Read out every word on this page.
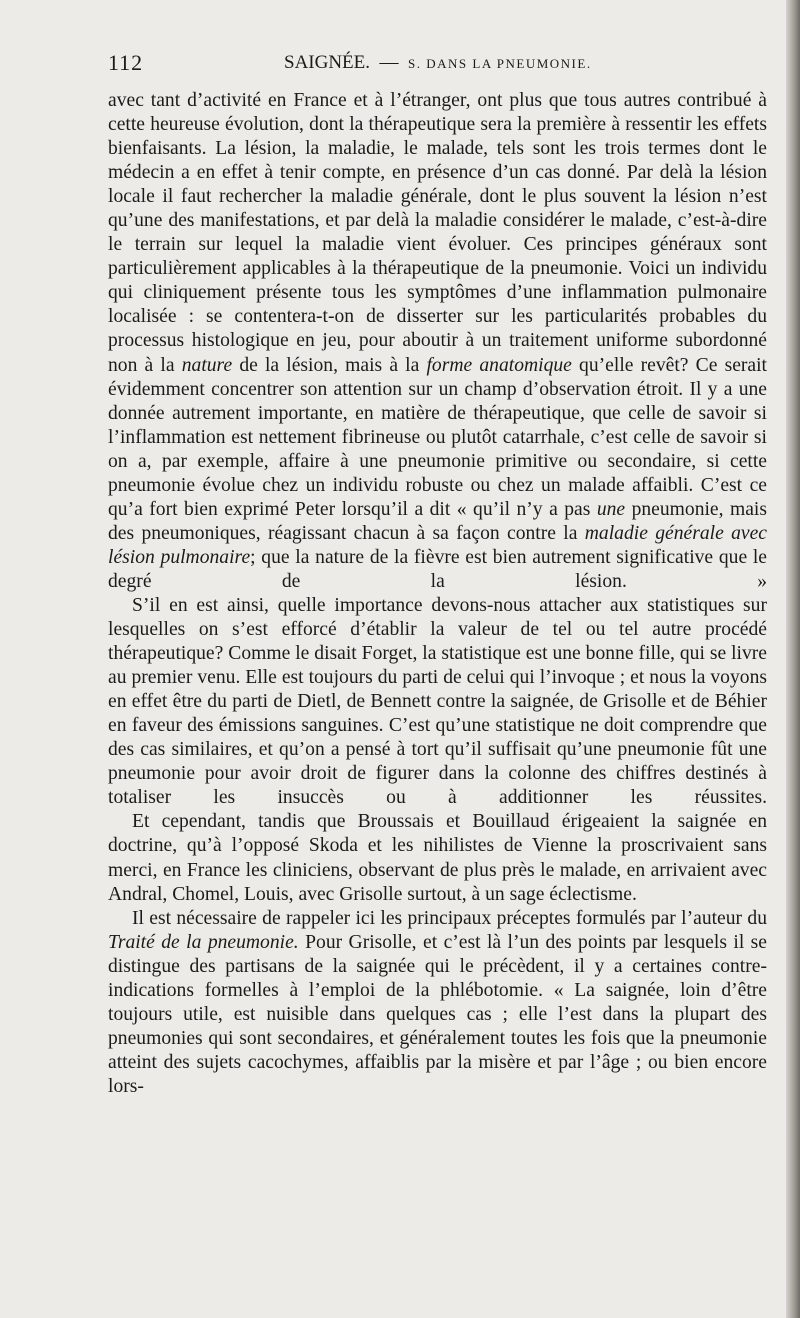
112	SAIGNÉE. — S. DANS LA PNEUMONIE.

avec tant d’activité en France et à l’étranger, ont plus que tous autres contribué à cette heureuse évolution, dont la thérapeutique sera la première à ressentir les effets bienfaisants. La lésion, la maladie, le malade, tels sont les trois termes dont le médecin a en effet à tenir compte, en présence d’un cas donné. Par delà la lésion locale il faut rechercher la maladie générale, dont le plus souvent la lésion n’est qu’une des manifestations, et par delà la maladie considérer le malade, c’est-à-dire le terrain sur lequel la maladie vient évoluer. Ces principes généraux sont particulièrement applicables à la thérapeutique de la pneumonie. Voici un individu qui cliniquement présente tous les symptômes d’une inflammation pulmonaire localisée : se contentera-t-on de disserter sur les particularités probables du processus histologique en jeu, pour aboutir à un traitement uniforme subordonné non à la nature de la lésion, mais à la forme anatomique qu’elle revêt? Ce serait évidemment concentrer son attention sur un champ d’observation étroit. Il y a une donnée autrement importante, en matière de thérapeutique, que celle de savoir si l’inflammation est nettement fibrineuse ou plutôt catarrhale, c’est celle de savoir si on a, par exemple, affaire à une pneumonie primitive ou secondaire, si cette pneumonie évolue chez un individu robuste ou chez un malade affaibli. C’est ce qu’a fort bien exprimé Peter lorsqu’il a dit « qu’il n’y a pas une pneumonie, mais des pneumoniques, réagissant chacun à sa façon contre la maladie générale avec lésion pulmonaire; que la nature de la fièvre est bien autrement significative que le degré de la lésion. »

S’il en est ainsi, quelle importance devons-nous attacher aux statistiques sur lesquelles on s’est efforcé d’établir la valeur de tel ou tel autre procédé thérapeutique? Comme le disait Forget, la statistique est une bonne fille, qui se livre au premier venu. Elle est toujours du parti de celui qui l’invoque ; et nous la voyons en effet être du parti de Dietl, de Bennett contre la saignée, de Grisolle et de Béhier en faveur des émissions sanguines. C’est qu’une statistique ne doit comprendre que des cas similaires, et qu’on a pensé à tort qu’il suffisait qu’une pneumonie fût une pneumonie pour avoir droit de figurer dans la colonne des chiffres destinés à totaliser les insuccès ou à additionner les réussites.

Et cependant, tandis que Broussais et Bouillaud érigeaient la saignée en doctrine, qu’à l’opposé Skoda et les nihilistes de Vienne la proscrivaient sans merci, en France les cliniciens, observant de plus près le malade, en arrivaient avec Andral, Chomel, Louis, avec Grisolle surtout, à un sage éclectisme.

Il est nécessaire de rappeler ici les principaux préceptes formulés par l’auteur du Traité de la pneumonie. Pour Grisolle, et c’est là l’un des points par lesquels il se distingue des partisans de la saignée qui le précèdent, il y a certaines contre-indications formelles à l’emploi de la phlébotomie. « La saignée, loin d’être toujours utile, est nuisible dans quelques cas ; elle l’est dans la plupart des pneumonies qui sont secondaires, et généralement toutes les fois que la pneumonie atteint des sujets cacochymes, affaiblis par la misère et par l’âge ; ou bien encore lors-
